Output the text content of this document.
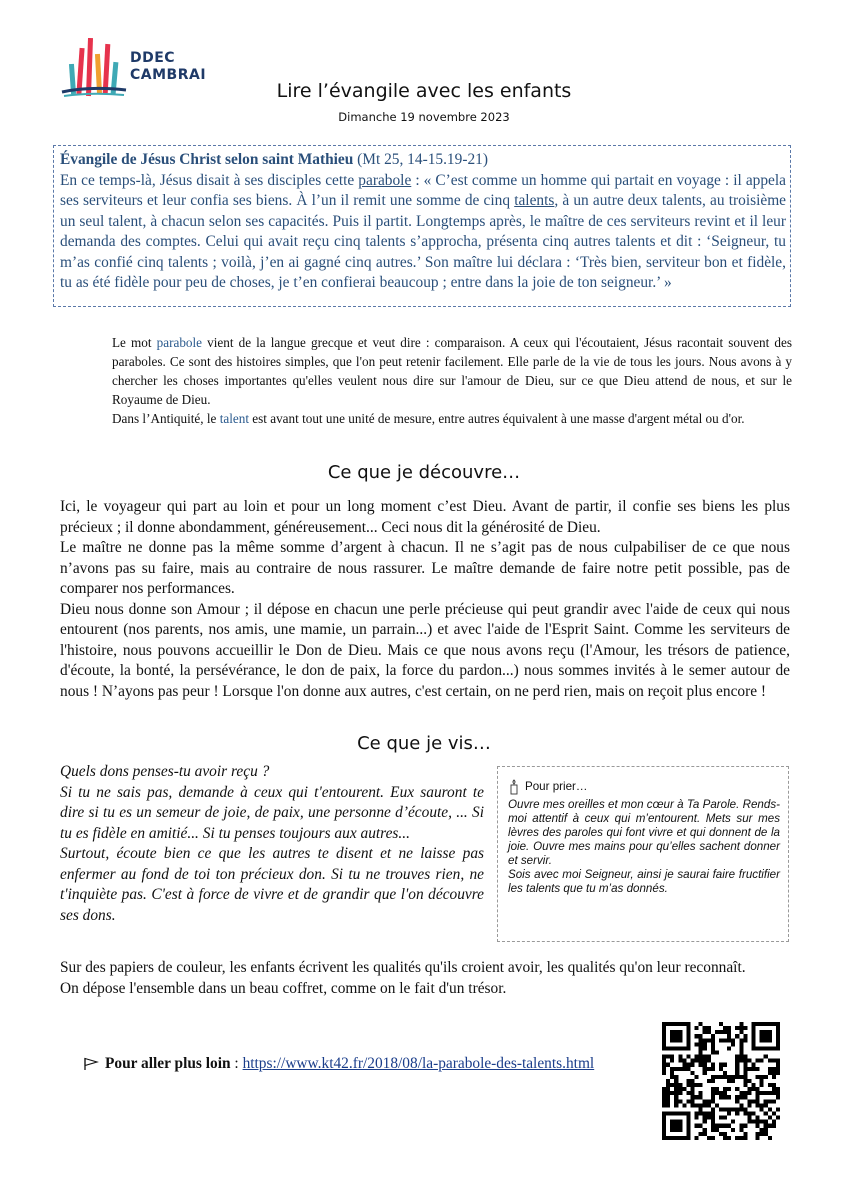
DDEC
CAMBRAI
Lire l’évangile avec les enfants
Dimanche 19 novembre 2023
Évangile de Jésus Christ selon saint Mathieu (Mt 25, 14-15.19-21)
En ce temps-là, Jésus disait à ses disciples cette parabole : « C’est comme un homme qui partait en voyage : il appela ses serviteurs et leur confia ses biens. À l’un il remit une somme de cinq talents, à un autre deux talents, au troisième un seul talent, à chacun selon ses capacités. Puis il partit. Longtemps après, le maître de ces serviteurs revint et il leur demanda des comptes. Celui qui avait reçu cinq talents s’approcha, présenta cinq autres talents et dit : ‘Seigneur, tu m’as confié cinq talents ; voilà, j’en ai gagné cinq autres.’ Son maître lui déclara : ‘Très bien, serviteur bon et fidèle, tu as été fidèle pour peu de choses, je t’en confierai beaucoup ; entre dans la joie de ton seigneur.’ »

Le mot parabole vient de la langue grecque et veut dire : comparaison. A ceux qui l'écoutaient, Jésus racontait souvent des paraboles. Ce sont des histoires simples, que l'on peut retenir facilement. Elle parle de la vie de tous les jours. Nous avons à y chercher les choses importantes qu'elles veulent nous dire sur l'amour de Dieu, sur ce que Dieu attend de nous, et sur le Royaume de Dieu.

Dans l’Antiquité, le talent est avant tout une unité de mesure, entre autres équivalent à une masse d'argent métal ou d'or.

Ce que je découvre…

Ici, le voyageur qui part au loin et pour un long moment c’est Dieu. Avant de partir, il confie ses biens les plus précieux ; il donne abondamment, généreusement... Ceci nous dit la générosité de Dieu.

Le maître ne donne pas la même somme d’argent à chacun. Il ne s’agit pas de nous culpabiliser de ce que nous n’avons pas su faire, mais au contraire de nous rassurer. Le maître demande de faire notre petit possible, pas de comparer nos performances.

Dieu nous donne son Amour ; il dépose en chacun une perle précieuse qui peut grandir avec l'aide de ceux qui nous entourent (nos parents, nos amis, une mamie, un parrain...) et avec l'aide de l'Esprit Saint. Comme les serviteurs de l'histoire, nous pouvons accueillir le Don de Dieu. Mais ce que nous avons reçu (l'Amour, les trésors de patience, d'écoute, la bonté, la persévérance, le don de paix, la force du pardon...) nous sommes invités à le semer autour de nous ! N’ayons pas peur ! Lorsque l'on donne aux autres, c'est certain, on ne perd rien, mais on reçoit plus encore !

Ce que je vis…

Quels dons penses-tu avoir reçu ?

Si tu ne sais pas, demande à ceux qui t'entourent. Eux sauront te dire si tu es un semeur de joie, de paix, une personne d’écoute, ... Si tu es fidèle en amitié... Si tu penses toujours aux autres...

Surtout, écoute bien ce que les autres te disent et ne laisse pas enfermer au fond de toi ton précieux don. Si tu ne trouves rien, ne t'inquiète pas. C'est à force de vivre et de grandir que l'on découvre ses dons.

Pour prier…

Ouvre mes oreilles et mon cœur à Ta Parole. Rends-moi attentif à ceux qui m’entourent. Mets sur mes lèvres des paroles qui font vivre et qui donnent de la joie. Ouvre mes mains pour qu’elles sachent donner et servir.

Sois avec moi Seigneur, ainsi je saurai faire fructifier les talents que tu m’as donnés.

Sur des papiers de couleur, les enfants écrivent les qualités qu'ils croient avoir, les qualités qu'on leur reconnaît.

On dépose l'ensemble dans un beau coffret, comme on le fait d'un trésor.

Pour aller plus loin : https://www.kt42.fr/2018/08/la-parabole-des-talents.html
